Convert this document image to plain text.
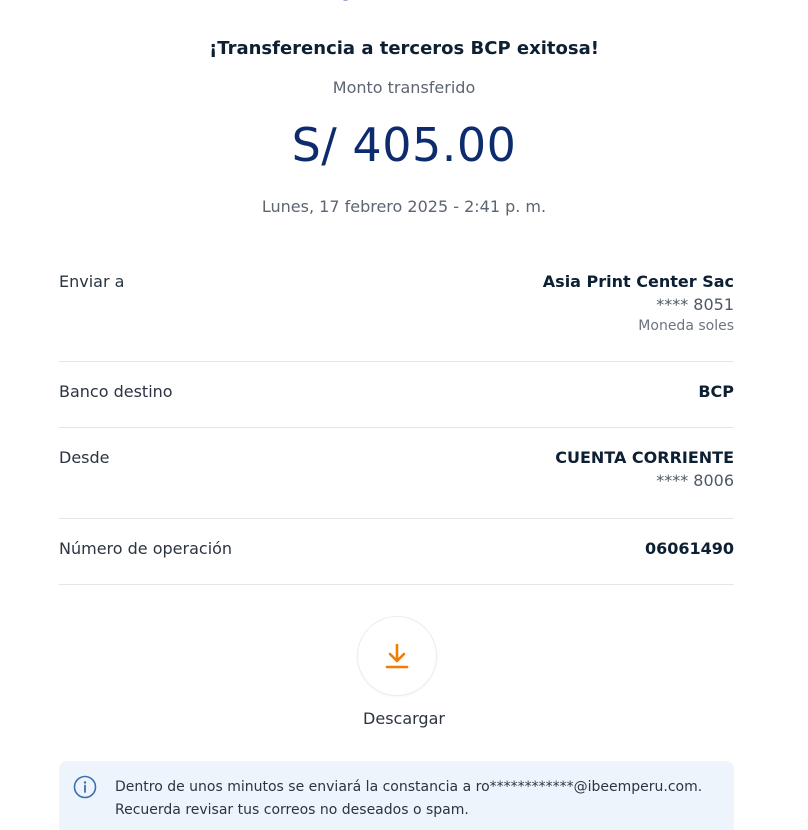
¡Transferencia a terceros BCP exitosa!
Monto transferido
S/ 405.00
Lunes, 17 febrero 2025 - 2:41 p. m.
Enviar a	Asia Print Center Sac
**** 8051
Moneda soles
Banco destino	BCP
Desde	CUENTA CORRIENTE
**** 8006
Número de operación	06061490
Descargar
Dentro de unos minutos se enviará la constancia a ro************@ibeemperu.com.
Recuerda revisar tus correos no deseados o spam.
